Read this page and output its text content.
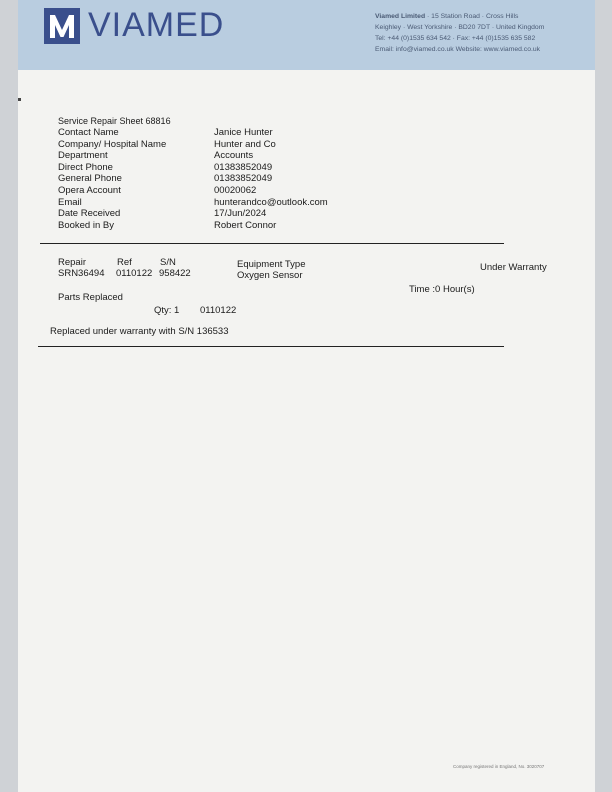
VIAMED	Viamed Limited · 15 Station Road · Cross Hills
Keighley · West Yorkshire · BD20 7DT · United Kingdom
Tel: +44 (0)1535 634 542 · Fax: +44 (0)1535 635 582
Email: info@viamed.co.uk Website: www.viamed.co.uk
Service Repair Sheet 68816
Contact Name	Janice Hunter
Company/ Hospital Name	Hunter and Co
Department	Accounts
Direct Phone	01383852049
General Phone	01383852049
Opera Account	00020062
Email	hunterandco@outlook.com
Date Received	17/Jun/2024
Booked in By	Robert Connor
Repair	Ref	S/N	Equipment Type
SRN36494 0110122 958422	Oxygen Sensor
Under Warranty
Time :0 Hour(s)
Parts Replaced
Qty: 1 0110122
Replaced under warranty with S/N 136533
Company registered in England, No. 3020707
